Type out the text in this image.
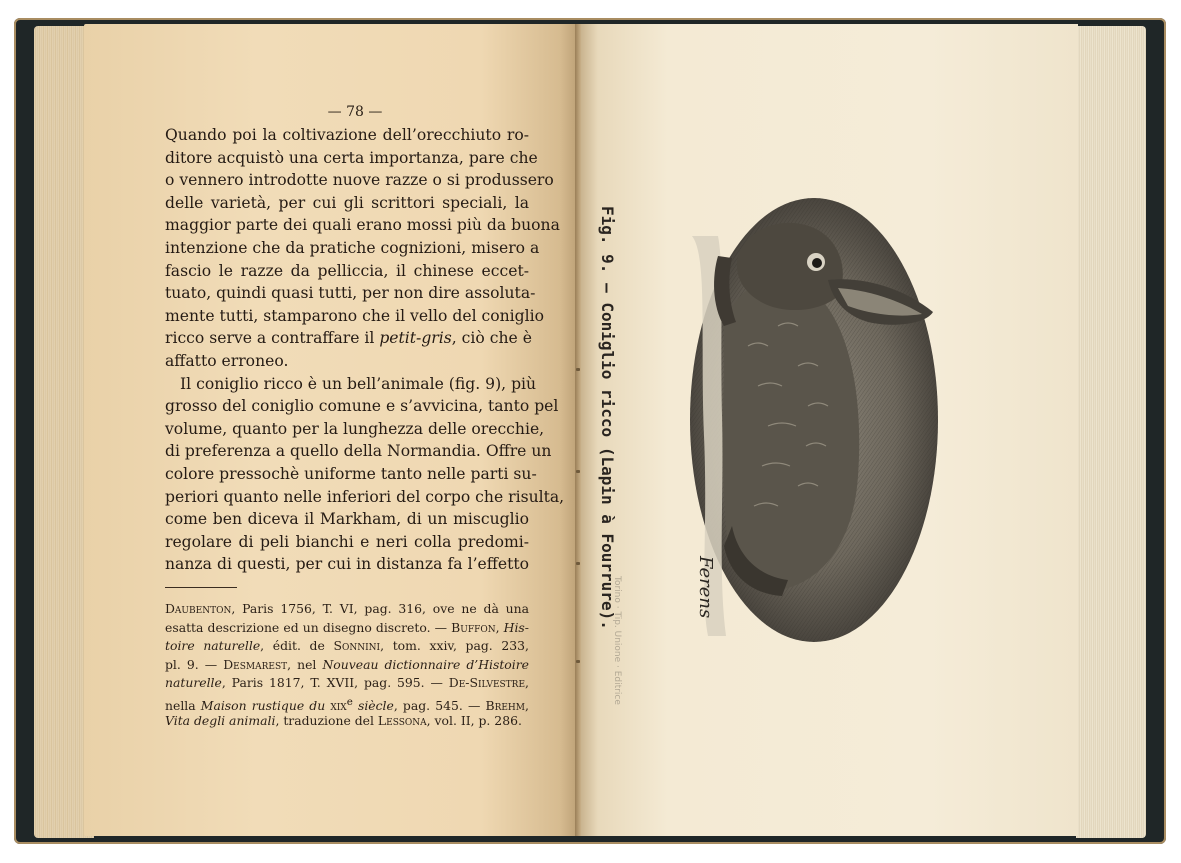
— 78 —

Quando poi la coltivazione dell’orecchiuto ro-
ditore acquistò una certa importanza, pare che
o vennero introdotte nuove razze o si produssero
delle varietà, per cui gli scrittori speciali, la
maggior parte dei quali erano mossi più da buona
intenzione che da pratiche cognizioni, misero a
fascio le razze da pelliccia, il chinese eccet-
tuato, quindi quasi tutti, per non dire assoluta-
mente tutti, stamparono che il vello del coniglio
ricco serve a contraffare il petit-gris, ciò che è
affatto erroneo.
Il coniglio ricco è un bell’animale (fig. 9), più
grosso del coniglio comune e s’avvicina, tanto pel
volume, quanto per la lunghezza delle orecchie,
di preferenza a quello della Normandia. Offre un
colore pressochè uniforme tanto nelle parti su-
periori quanto nelle inferiori del corpo che risulta,
come ben diceva il Markham, di un miscuglio
regolare di peli bianchi e neri colla predomi-
nanza di questi, per cui in distanza fa l’effetto
Daubenton, Paris 1756, T. VI, pag. 316, ove ne dà una
esatta descrizione ed un disegno discreto. — Buffon, His-
toire naturelle, édit. de Sonnini, tom. xxiv, pag. 233,
pl. 9. — Desmarest, nel Nouveau dictionnaire d’Histoire
naturelle, Paris 1817, T. XVII, pag. 595. — De-Silvestre,
nella Maison rustique du xix$^e$ siècle, pag. 545. — Brehm,
Vita degli animali, traduzione del Lessona, vol. II, p. 286.

Fig. 9. — Coniglio ricco (Lapin à Fourrure).	Ferens

Torino · Tip. Unione · Editrice
